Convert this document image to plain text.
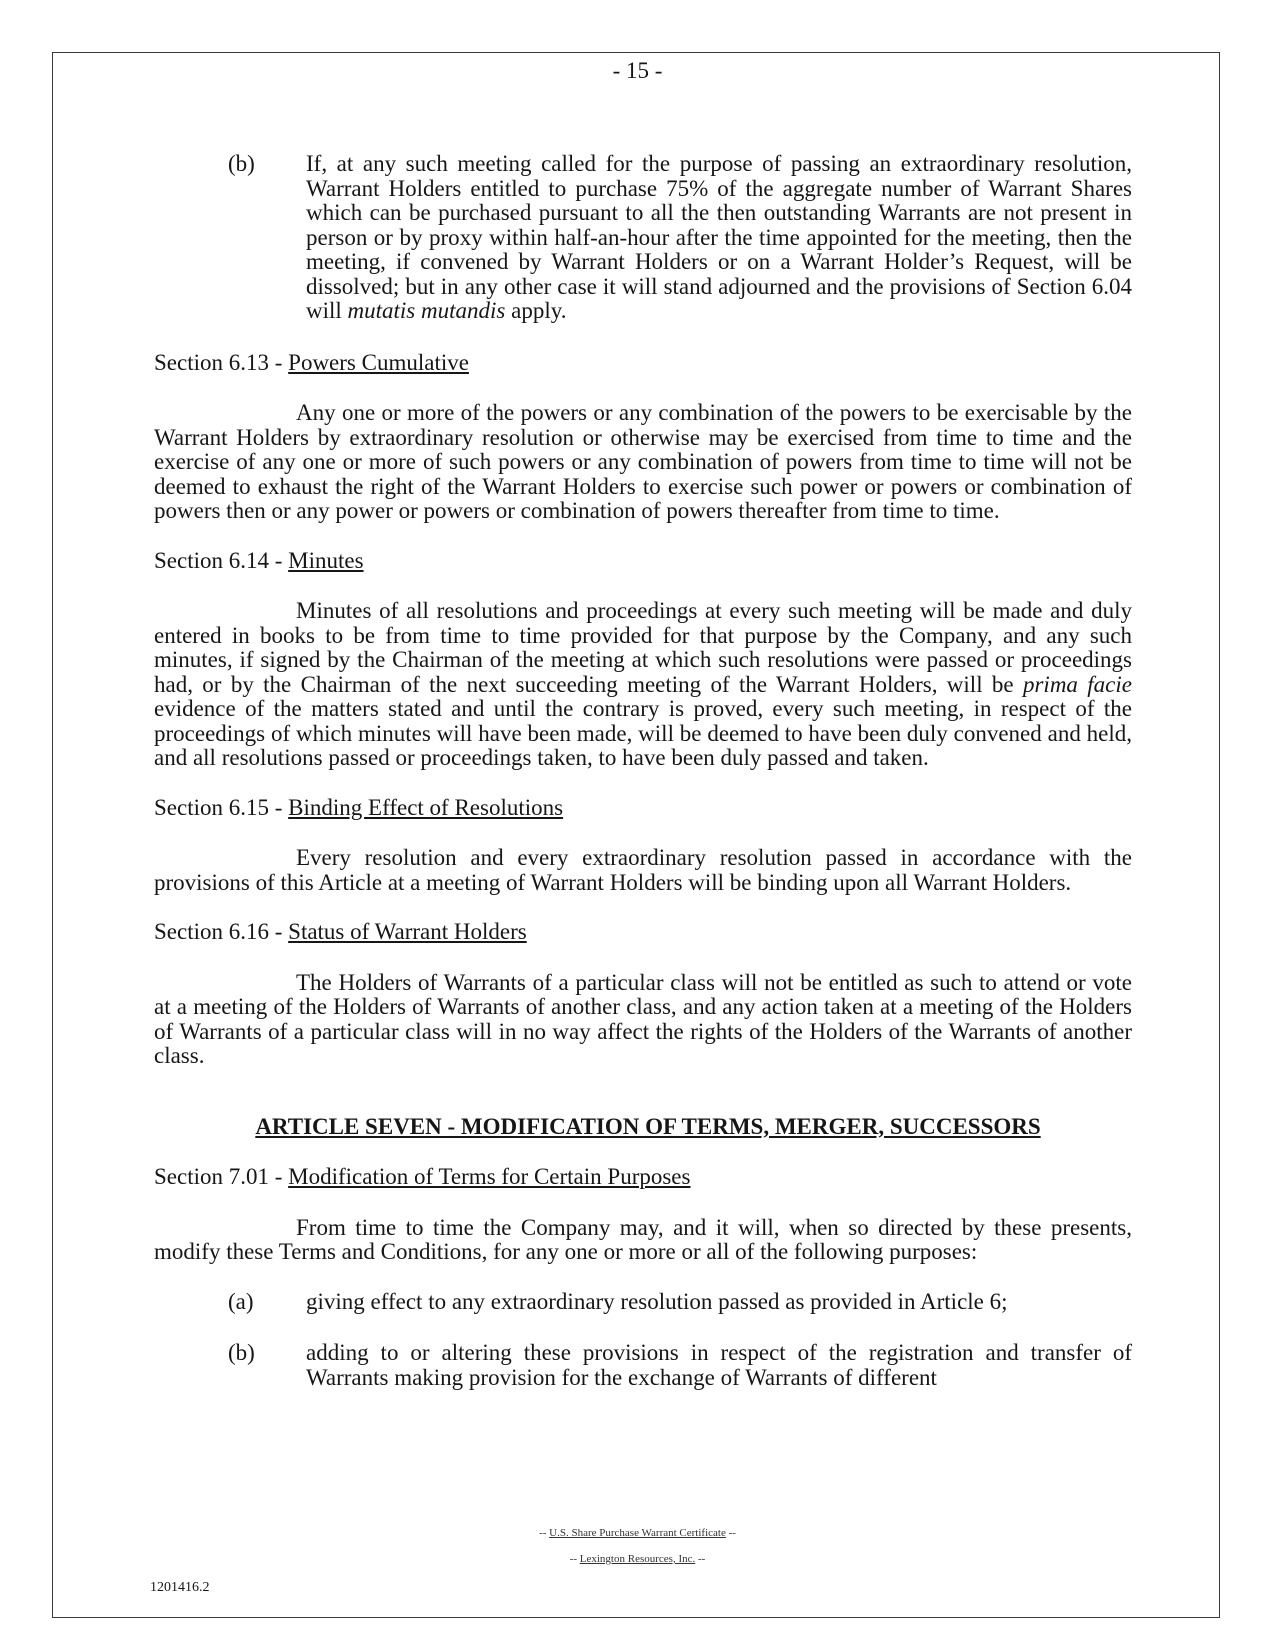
- 15 -
(b)	If, at any such meeting called for the purpose of passing an extraordinary resolution, Warrant Holders entitled to purchase 75% of the aggregate number of Warrant Shares which can be purchased pursuant to all the then outstanding Warrants are not present in person or by proxy within half-an-hour after the time appointed for the meeting, then the meeting, if convened by Warrant Holders or on a Warrant Holder’s Request, will be dissolved; but in any other case it will stand adjourned and the provisions of Section 6.04 will mutatis mutandis apply.
Section 6.13 - Powers Cumulative

Any one or more of the powers or any combination of the powers to be exercisable by the Warrant Holders by extraordinary resolution or otherwise may be exercised from time to time and the exercise of any one or more of such powers or any combination of powers from time to time will not be deemed to exhaust the right of the Warrant Holders to exercise such power or powers or combination of powers then or any power or powers or combination of powers thereafter from time to time.

Section 6.14 - Minutes

Minutes of all resolutions and proceedings at every such meeting will be made and duly entered in books to be from time to time provided for that purpose by the Company, and any such minutes, if signed by the Chairman of the meeting at which such resolutions were passed or proceedings had, or by the Chairman of the next succeeding meeting of the Warrant Holders, will be prima facie evidence of the matters stated and until the contrary is proved, every such meeting, in respect of the proceedings of which minutes will have been made, will be deemed to have been duly convened and held, and all resolutions passed or proceedings taken, to have been duly passed and taken.

Section 6.15 - Binding Effect of Resolutions

Every resolution and every extraordinary resolution passed in accordance with the provisions of this Article at a meeting of Warrant Holders will be binding upon all Warrant Holders.

Section 6.16 - Status of Warrant Holders

The Holders of Warrants of a particular class will not be entitled as such to attend or vote at a meeting of the Holders of Warrants of another class, and any action taken at a meeting of the Holders of Warrants of a particular class will in no way affect the rights of the Holders of the Warrants of another class.

ARTICLE SEVEN - MODIFICATION OF TERMS, MERGER, SUCCESSORS
Section 7.01 - Modification of Terms for Certain Purposes

From time to time the Company may, and it will, when so directed by these presents, modify these Terms and Conditions, for any one or more or all of the following purposes:

(a)	giving effect to any extraordinary resolution passed as provided in Article 6;
(b)	adding to or altering these provisions in respect of the registration and transfer of Warrants making provision for the exchange of Warrants of different
-- U.S. Share Purchase Warrant Certificate --
-- Lexington Resources, Inc. --
1201416.2
